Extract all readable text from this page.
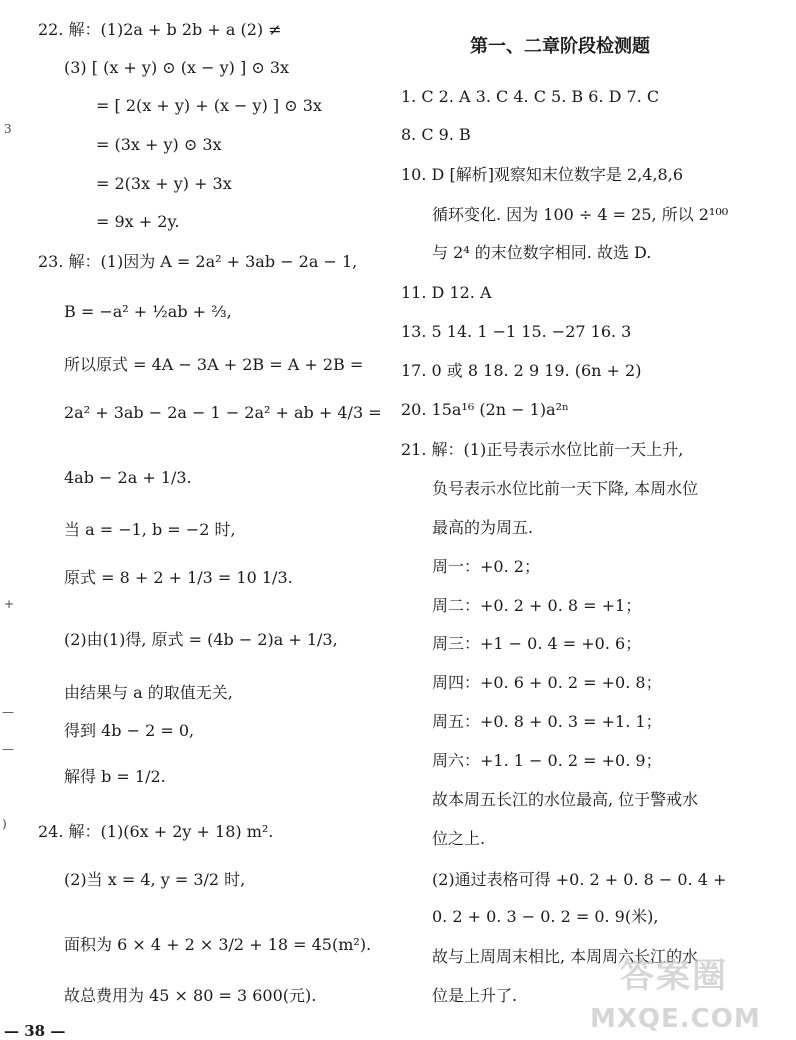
22. 解：(1)2a + b 2b + a (2) ≠
(3) [ (x + y) ⊙ (x − y) ] ⊙ 3x
= [ 2(x + y) + (x − y) ] ⊙ 3x
= (3x + y) ⊙ 3x
= 2(3x + y) + 3x
= 9x + 2y.
23. 解：(1)因为 A = 2a² + 3ab − 2a − 1,
B = −a² + ½ab + ⅔,
所以原式 = 4A − 3A + 2B = A + 2B =
2a² + 3ab − 2a − 1 − 2a² + ab + 4/3 =
4ab − 2a + 1/3.
当 a = −1, b = −2 时,
原式 = 8 + 2 + 1/3 = 10 1/3.
(2)由(1)得, 原式 = (4b − 2)a + 1/3,
由结果与 a 的取值无关,
得到 4b − 2 = 0,
解得 b = 1/2.
24. 解：(1)(6x + 2y + 18) m².
(2)当 x = 4, y = 3/2 时,
面积为 6 × 4 + 2 × 3/2 + 18 = 45(m²).
故总费用为 45 × 80 = 3 600(元).
第一、二章阶段检测题
1. C 2. A 3. C 4. C 5. B 6. D 7. C
8. C 9. B
10. D [解析]观察知末位数字是 2,4,8,6
循环变化. 因为 100 ÷ 4 = 25, 所以 2¹⁰⁰
与 2⁴ 的末位数字相同. 故选 D.
11. D 12. A
13. 5 14. 1 −1 15. −27 16. 3
17. 0 或 8 18. 2 9 19. (6n + 2)
20. 15a¹⁶ (2n − 1)a²ⁿ
21. 解：(1)正号表示水位比前一天上升,
负号表示水位比前一天下降, 本周水位
最高的为周五.
周一：+0. 2；
周二：+0. 2 + 0. 8 = +1；
周三：+1 − 0. 4 = +0. 6；
周四：+0. 6 + 0. 2 = +0. 8；
周五：+0. 8 + 0. 3 = +1. 1；
周六：+1. 1 − 0. 2 = +0. 9；
故本周五长江的水位最高, 位于警戒水
位之上.
(2)通过表格可得 +0. 2 + 0. 8 − 0. 4 +
0. 2 + 0. 3 − 0. 2 = 0. 9(米),
故与上周周末相比, 本周周六长江的水
位是上升了.
3
+
—
—
)
— 38 —
答案圈
MXQE.COM
